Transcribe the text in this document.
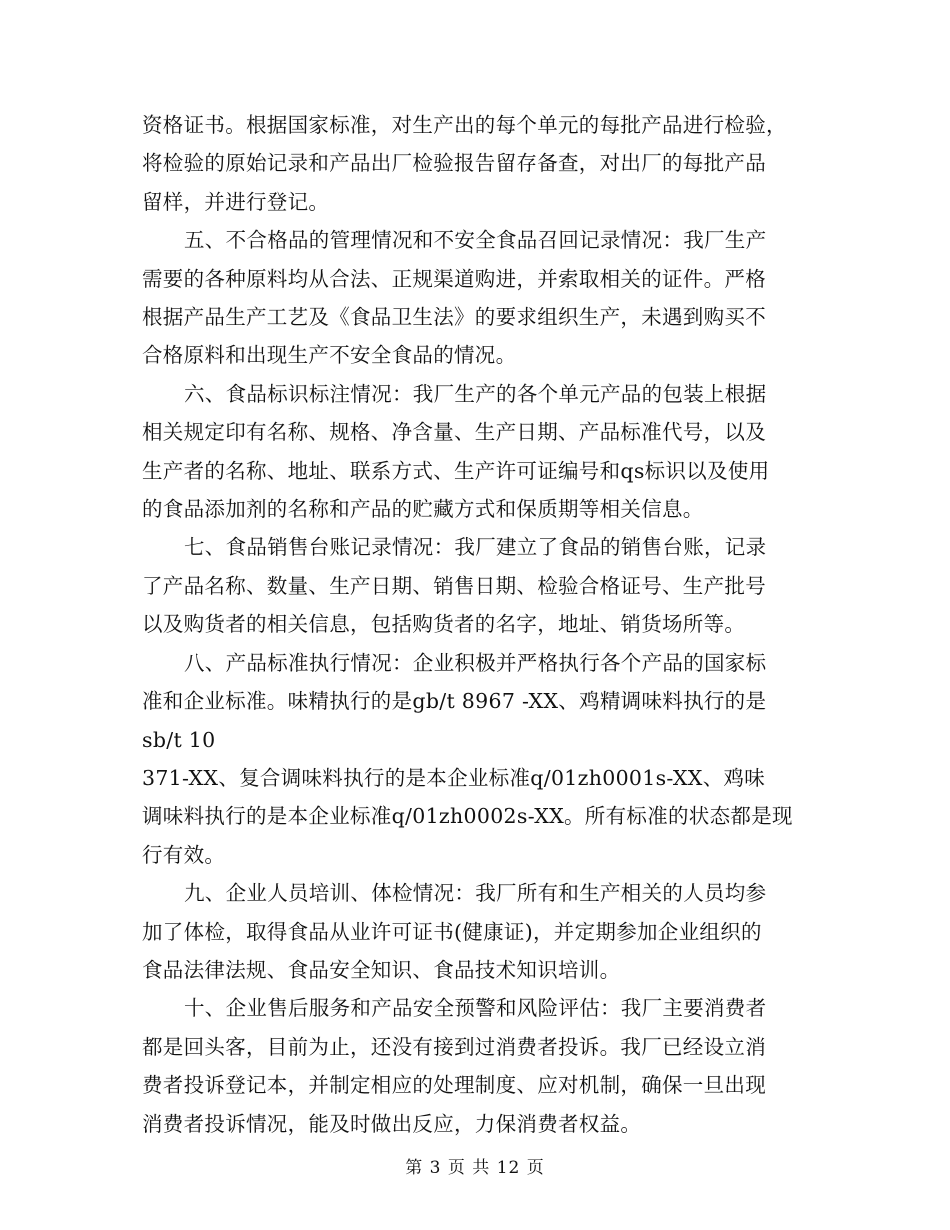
资格证书。根据国家标准，对生产出的每个单元的每批产品进行检验，
将检验的原始记录和产品出厂检验报告留存备查，对出厂的每批产品
留样，并进行登记。
五、不合格品的管理情况和不安全食品召回记录情况：我厂生产
需要的各种原料均从合法、正规渠道购进，并索取相关的证件。严格
根据产品生产工艺及《食品卫生法》的要求组织生产，未遇到购买不
合格原料和出现生产不安全食品的情况。
六、食品标识标注情况：我厂生产的各个单元产品的包装上根据
相关规定印有名称、规格、净含量、生产日期、产品标准代号，以及
生产者的名称、地址、联系方式、生产许可证编号和qs标识以及使用
的食品添加剂的名称和产品的贮藏方式和保质期等相关信息。
七、食品销售台账记录情况：我厂建立了食品的销售台账，记录
了产品名称、数量、生产日期、销售日期、检验合格证号、生产批号
以及购货者的相关信息，包括购货者的名字，地址、销货场所等。
八、产品标准执行情况：企业积极并严格执行各个产品的国家标
准和企业标准。味精执行的是gb/t 8967 -XX、鸡精调味料执行的是
sb/t 10
371-XX、复合调味料执行的是本企业标准q/01zh0001s-XX、鸡味
调味料执行的是本企业标准q/01zh0002s-XX。所有标准的状态都是现
行有效。
九、企业人员培训、体检情况：我厂所有和生产相关的人员均参
加了体检，取得食品从业许可证书(健康证)，并定期参加企业组织的
食品法律法规、食品安全知识、食品技术知识培训。
十、企业售后服务和产品安全预警和风险评估：我厂主要消费者
都是回头客，目前为止，还没有接到过消费者投诉。我厂已经设立消
费者投诉登记本，并制定相应的处理制度、应对机制，确保一旦出现
消费者投诉情况，能及时做出反应，力保消费者权益。
第 3 页 共 12 页
